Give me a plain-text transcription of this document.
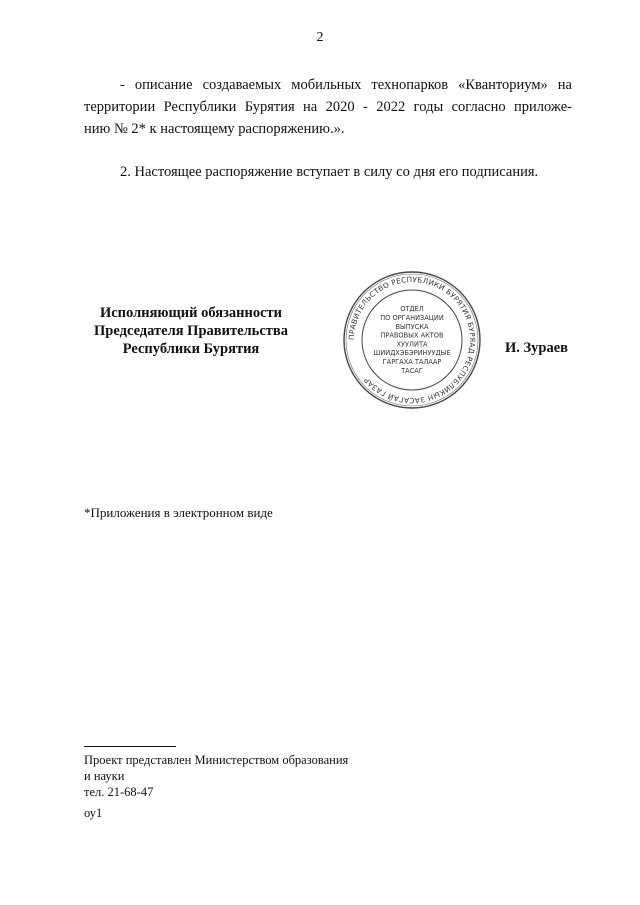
2
- описание создаваемых мобильных технопарков «Кванториум» на
территории Республики Бурятия на 2020 - 2022 годы согласно приложе-
нию № 2* к настоящему распоряжению.».
2. Настоящее распоряжение вступает в силу со дня его подписания.
Исполняющий обязанности
Председателя Правительства
Республики Бурятия
ПРАВИТЕЛЬСТВО РЕСПУБЛИКИ БУРЯТИЯ БУРЯАД РЕСПУБЛИКЫН ЗАСАГАЙ ГАЗАР
ОТДЕЛ
ПО ОРГАНИЗАЦИИ
ВЫПУСКА
ПРАВОВЫХ АКТОВ
ХУУЛИТА
ШИИДХЭБЭРИНУУДЫЕ
ГАРГАХА ТАЛААР
ТАСАГ
И. Зураев
*Приложения в электронном виде
Проект представлен Министерством образования
и науки
тел. 21-68-47
оу1
